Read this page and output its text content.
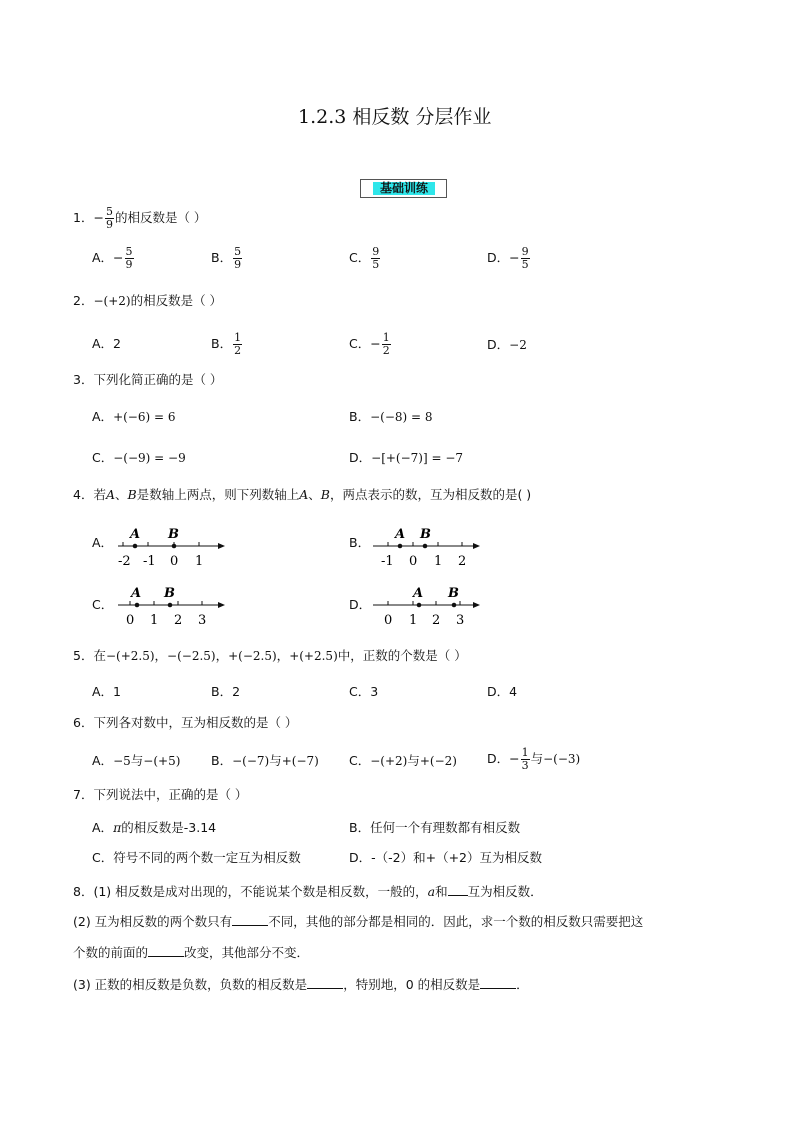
1.2.3 相反数 分层作业
基础训练
1．− $\frac{5}{9}$ 的相反数是（ ）
A．− $\frac{5}{9}$	B． $\frac{5}{9}$	C． $\frac{9}{5}$	D．− $\frac{9}{5}$
2．−(+2)的相反数是（ ）
A．2	B． $\frac{1}{2}$	C．− $\frac{1}{2}$	D．−2
3．下列化简正确的是（ ）
A．+(−6) = 6	B．−(−8) = 8
C．−(−9) = −9	D．−[+(−7)] = −7
4．若A、B是数轴上两点，则下列数轴上A、B，两点表示的数，互为相反数的是( )
A．	B．
C．	D．
A B
-2 -1 0 1
A B
-1 0 1 2
A B
0 1 2 3
A B
0 1 2 3
5．在−(+2.5)，−(−2.5)，+(−2.5)，+(+2.5)中，正数的个数是（ ）
A．1	B．2	C．3	D．4
6．下列各对数中，互为相反数的是（ ）
A．−5与−(+5) B．−(−7)与+(−7) C．−(+2)与+(−2) D．− $\frac{1}{3}$ 与−(−3)
7．下列说法中，正确的是（ ）
A．π的相反数是-3.14	B．任何一个有理数都有相反数
C．符号不同的两个数一定互为相反数	D．-（-2）和+（+2）互为相反数
8．(1) 相反数是成对出现的，不能说某个数是相反数，一般的，a和 互为相反数．
(2) 互为相反数的两个数只有	不同，其他的部分都是相同的．因此，求一个数的相反数只需要把这
个数的前面的	改变，其他部分不变．
(3) 正数的相反数是负数，负数的相反数是	，特别地，0 的相反数是	．
